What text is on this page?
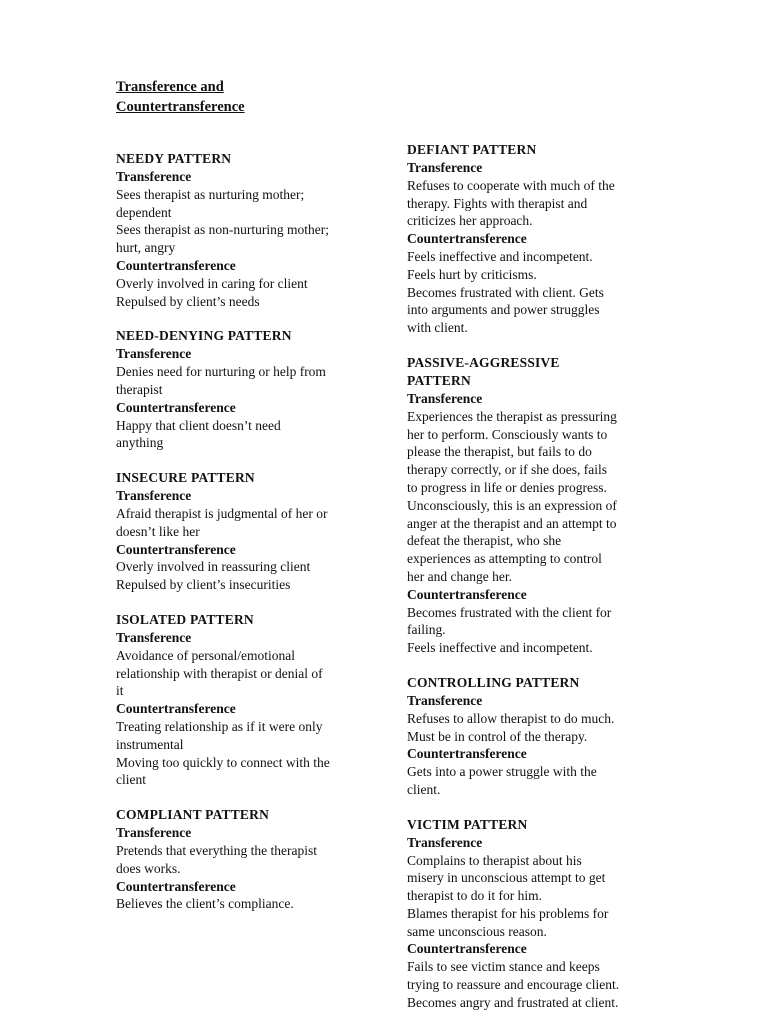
Transference and
Countertransference
NEEDY PATTERN
Transference
Sees therapist as nurturing mother;
dependent
Sees therapist as non-nurturing mother;
hurt, angry
Countertransference
Overly involved in caring for client
Repulsed by client’s needs
NEED-DENYING PATTERN
Transference
Denies need for nurturing or help from
therapist
Countertransference
Happy that client doesn’t need
anything
INSECURE PATTERN
Transference
Afraid therapist is judgmental of her or
doesn’t like her
Countertransference
Overly involved in reassuring client
Repulsed by client’s insecurities
ISOLATED PATTERN
Transference
Avoidance of personal/emotional
relationship with therapist or denial of
it
Countertransference
Treating relationship as if it were only
instrumental
Moving too quickly to connect with the
client
COMPLIANT PATTERN
Transference
Pretends that everything the therapist
does works.
Countertransference
Believes the client’s compliance.
DEFIANT PATTERN
Transference
Refuses to cooperate with much of the
therapy. Fights with therapist and
criticizes her approach.
Countertransference
Feels ineffective and incompetent.
Feels hurt by criticisms.
Becomes frustrated with client. Gets
into arguments and power struggles
with client.
PASSIVE-AGGRESSIVE
PATTERN
Transference
Experiences the therapist as pressuring
her to perform. Consciously wants to
please the therapist, but fails to do
therapy correctly, or if she does, fails
to progress in life or denies progress.
Unconsciously, this is an expression of
anger at the therapist and an attempt to
defeat the therapist, who she
experiences as attempting to control
her and change her.
Countertransference
Becomes frustrated with the client for
failing.
Feels ineffective and incompetent.
CONTROLLING PATTERN
Transference
Refuses to allow therapist to do much.
Must be in control of the therapy.
Countertransference
Gets into a power struggle with the
client.
VICTIM PATTERN
Transference
Complains to therapist about his
misery in unconscious attempt to get
therapist to do it for him.
Blames therapist for his problems for
same unconscious reason.
Countertransference
Fails to see victim stance and keeps
trying to reassure and encourage client.
Becomes angry and frustrated at client.
